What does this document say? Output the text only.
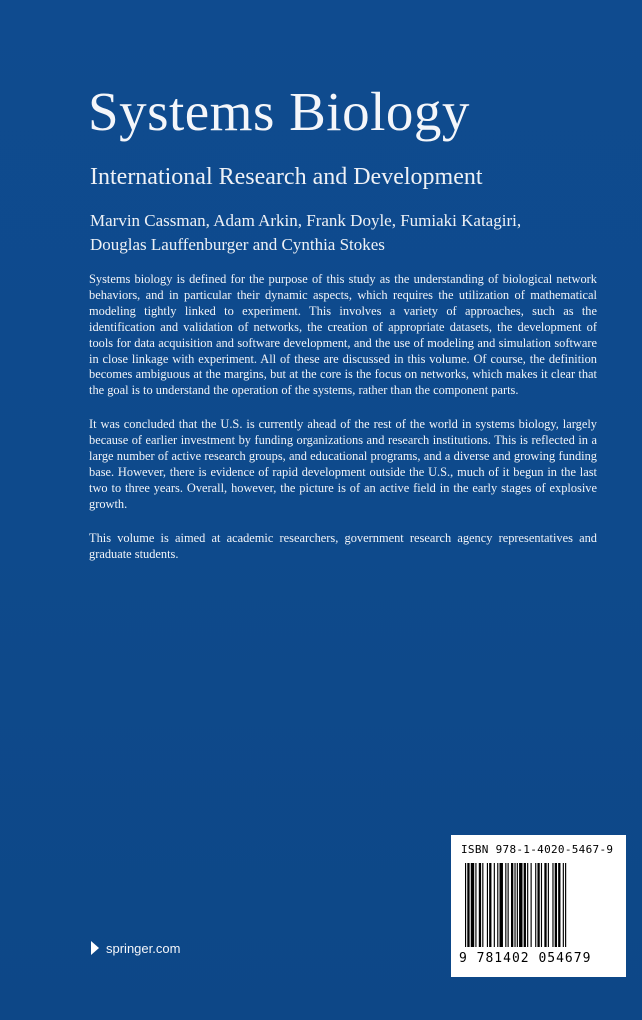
Systems Biology
International Research and Development
Marvin Cassman, Adam Arkin, Frank Doyle, Fumiaki Katagiri,
Douglas Lauffenburger and Cynthia Stokes

Systems biology is defined for the purpose of this study as the understanding of biological network behaviors, and in particular their dynamic aspects, which requires the utilization of mathematical modeling tightly linked to experiment. This involves a variety of approaches, such as the identification and validation of networks, the creation of appropriate datasets, the development of tools for data acquisition and software development, and the use of modeling and simulation software in close linkage with experiment. All of these are discussed in this volume. Of course, the definition becomes ambiguous at the margins, but at the core is the focus on networks, which makes it clear that the goal is to understand the operation of the systems, rather than the component parts.

It was concluded that the U.S. is currently ahead of the rest of the world in systems biology, largely because of earlier investment by funding organizations and research institutions. This is reflected in a large number of active research groups, and educational programs, and a diverse and growing funding base. However, there is evidence of rapid development outside the U.S., much of it begun in the last two to three years. Overall, however, the picture is of an active field in the early stages of explosive growth.

This volume is aimed at academic researchers, government research agency representatives and graduate students.

ISBN 978-1-4020-5467-9
9 781402 054679
springer.com
